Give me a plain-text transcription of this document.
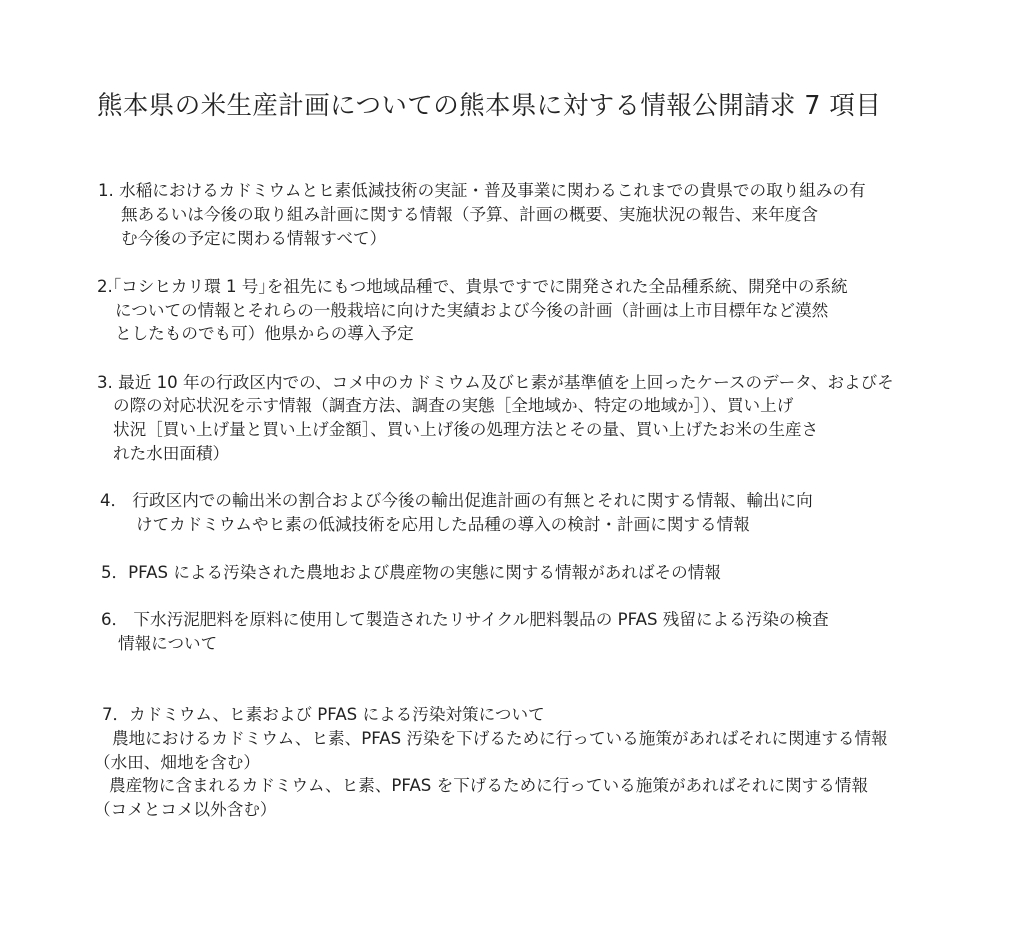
熊本県の米生産計画についての熊本県に対する情報公開請求 7 項目
1. 水稲におけるカドミウムとヒ素低減技術の実証・普及事業に関わるこれまでの貴県での取り組みの有
無あるいは今後の取り組み計画に関する情報（予算、計画の概要、実施状況の報告、来年度含
む今後の予定に関わる情報すべて）
2.｢コシヒカリ環 1 号｣を祖先にもつ地域品種で、貴県ですでに開発された全品種系統、開発中の系統
についての情報とそれらの一般栽培に向けた実績および今後の計画（計画は上市目標年など漠然
としたものでも可）他県からの導入予定
3. 最近 10 年の行政区内での、コメ中のカドミウム及びヒ素が基準値を上回ったケースのデータ、およびそ
の際の対応状況を示す情報（調査方法、調査の実態［全地域か、特定の地域か］）、買い上げ
状況［買い上げ量と買い上げ金額］、買い上げ後の処理方法とその量、買い上げたお米の生産さ
れた水田面積）
4． 行政区内での輸出米の割合および今後の輸出促進計画の有無とそれに関する情報、輸出に向
けてカドミウムやヒ素の低減技術を応用した品種の導入の検討・計画に関する情報
5．PFAS による汚染された農地および農産物の実態に関する情報があればその情報
6． 下水汚泥肥料を原料に使用して製造されたリサイクル肥料製品の PFAS 残留による汚染の検査
情報について
7．カドミウム、ヒ素および PFAS による汚染対策について
農地におけるカドミウム、ヒ素、PFAS 汚染を下げるために行っている施策があればそれに関連する情報
（水田、畑地を含む）
農産物に含まれるカドミウム、ヒ素、PFAS を下げるために行っている施策があればそれに関する情報
（コメとコメ以外含む）
